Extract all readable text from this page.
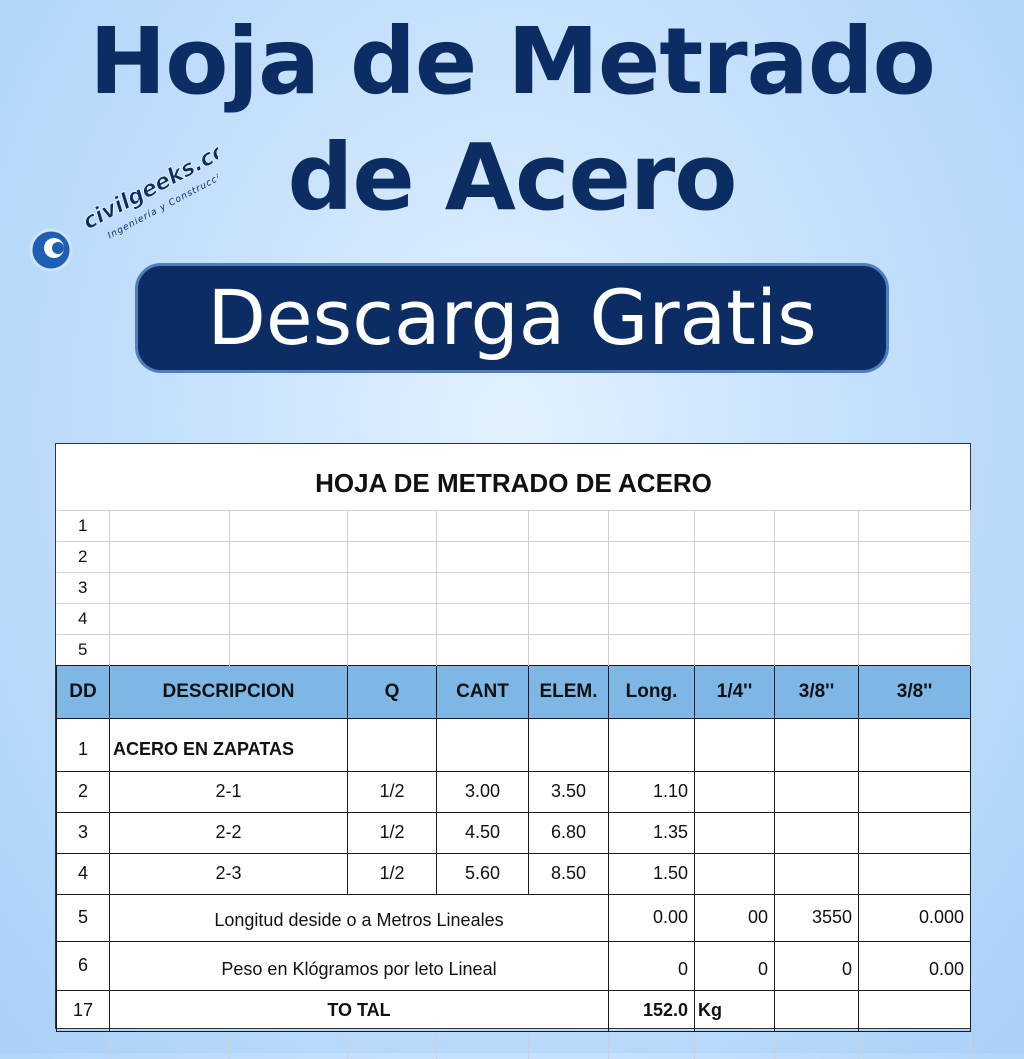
Hoja de Metrado
de Acero
civilgeeks.com
Ingeniería y Construcción
Descarga Gratis
HOJA DE METRADO DE ACERO									
1									
2									
3									
4									
5									
DD	DESCRIPCION		Q	CANT	ELEM.	Long.	1/4''	3/8''	3/8''
1	ACERO EN ZAPATAS								
2	2-1		1/2	3.00	3.50	1.10			
3	2-2		1/2	4.50	6.80	1.35			
4	2-3		1/2	5.60	8.50	1.50			
5	Longitud deside o a Metros Lineales					0.00	00	3550	0.000
6	Peso en Klógramos por leto Lineal					0	0	0	0.00
17	TO TAL					152.0	Kg		
